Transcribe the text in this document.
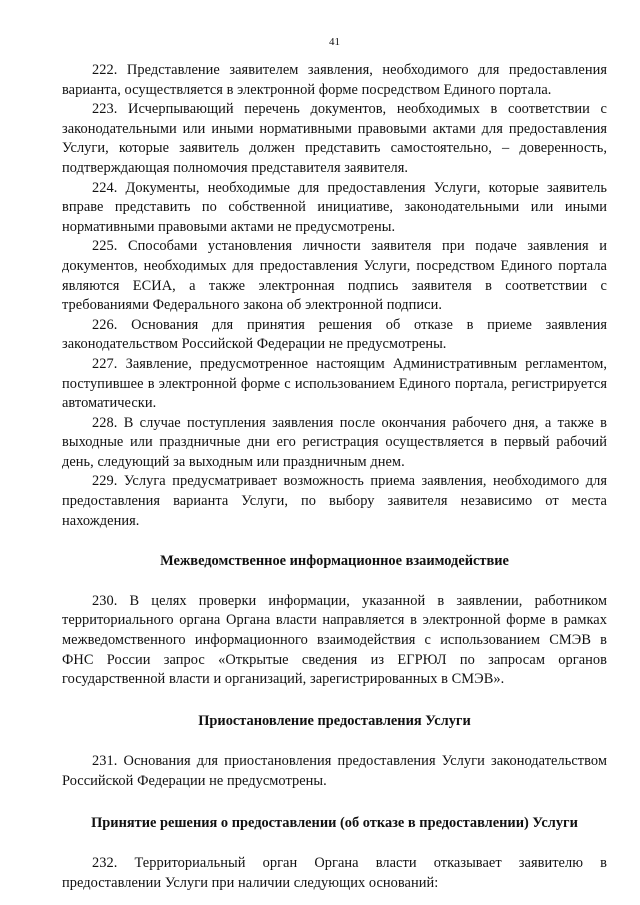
41

222. Представление заявителем заявления, необходимого для предоставления варианта, осуществляется в электронной форме посредством Единого портала.

223. Исчерпывающий перечень документов, необходимых в соответствии с законодательными или иными нормативными правовыми актами для предоставления Услуги, которые заявитель должен представить самостоятельно, – доверенность, подтверждающая полномочия представителя заявителя.

224. Документы, необходимые для предоставления Услуги, которые заявитель вправе представить по собственной инициативе, законодательными или иными нормативными правовыми актами не предусмотрены.

225. Способами установления личности заявителя при подаче заявления и документов, необходимых для предоставления Услуги, посредством Единого портала являются ЕСИА, а также электронная подпись заявителя в соответствии с требованиями Федерального закона об электронной подписи.

226. Основания для принятия решения об отказе в приеме заявления законодательством Российской Федерации не предусмотрены.

227. Заявление, предусмотренное настоящим Административным регламентом, поступившее в электронной форме с использованием Единого портала, регистрируется автоматически.

228. В случае поступления заявления после окончания рабочего дня, а также в выходные или праздничные дни его регистрация осуществляется в первый рабочий день, следующий за выходным или праздничным днем.

229. Услуга предусматривает возможность приема заявления, необходимого для предоставления варианта Услуги, по выбору заявителя независимо от места нахождения.

Межведомственное информационное взаимодействие

230. В целях проверки информации, указанной в заявлении, работником территориального органа Органа власти направляется в электронной форме в рамках межведомственного информационного взаимодействия с использованием СМЭВ в ФНС России запрос «Открытые сведения из ЕГРЮЛ по запросам органов государственной власти и организаций, зарегистрированных в СМЭВ».

Приостановление предоставления Услуги

231. Основания для приостановления предоставления Услуги законодательством Российской Федерации не предусмотрены.

Принятие решения о предоставлении (об отказе в предоставлении) Услуги

232. Территориальный орган Органа власти отказывает заявителю в предоставлении Услуги при наличии следующих оснований:
